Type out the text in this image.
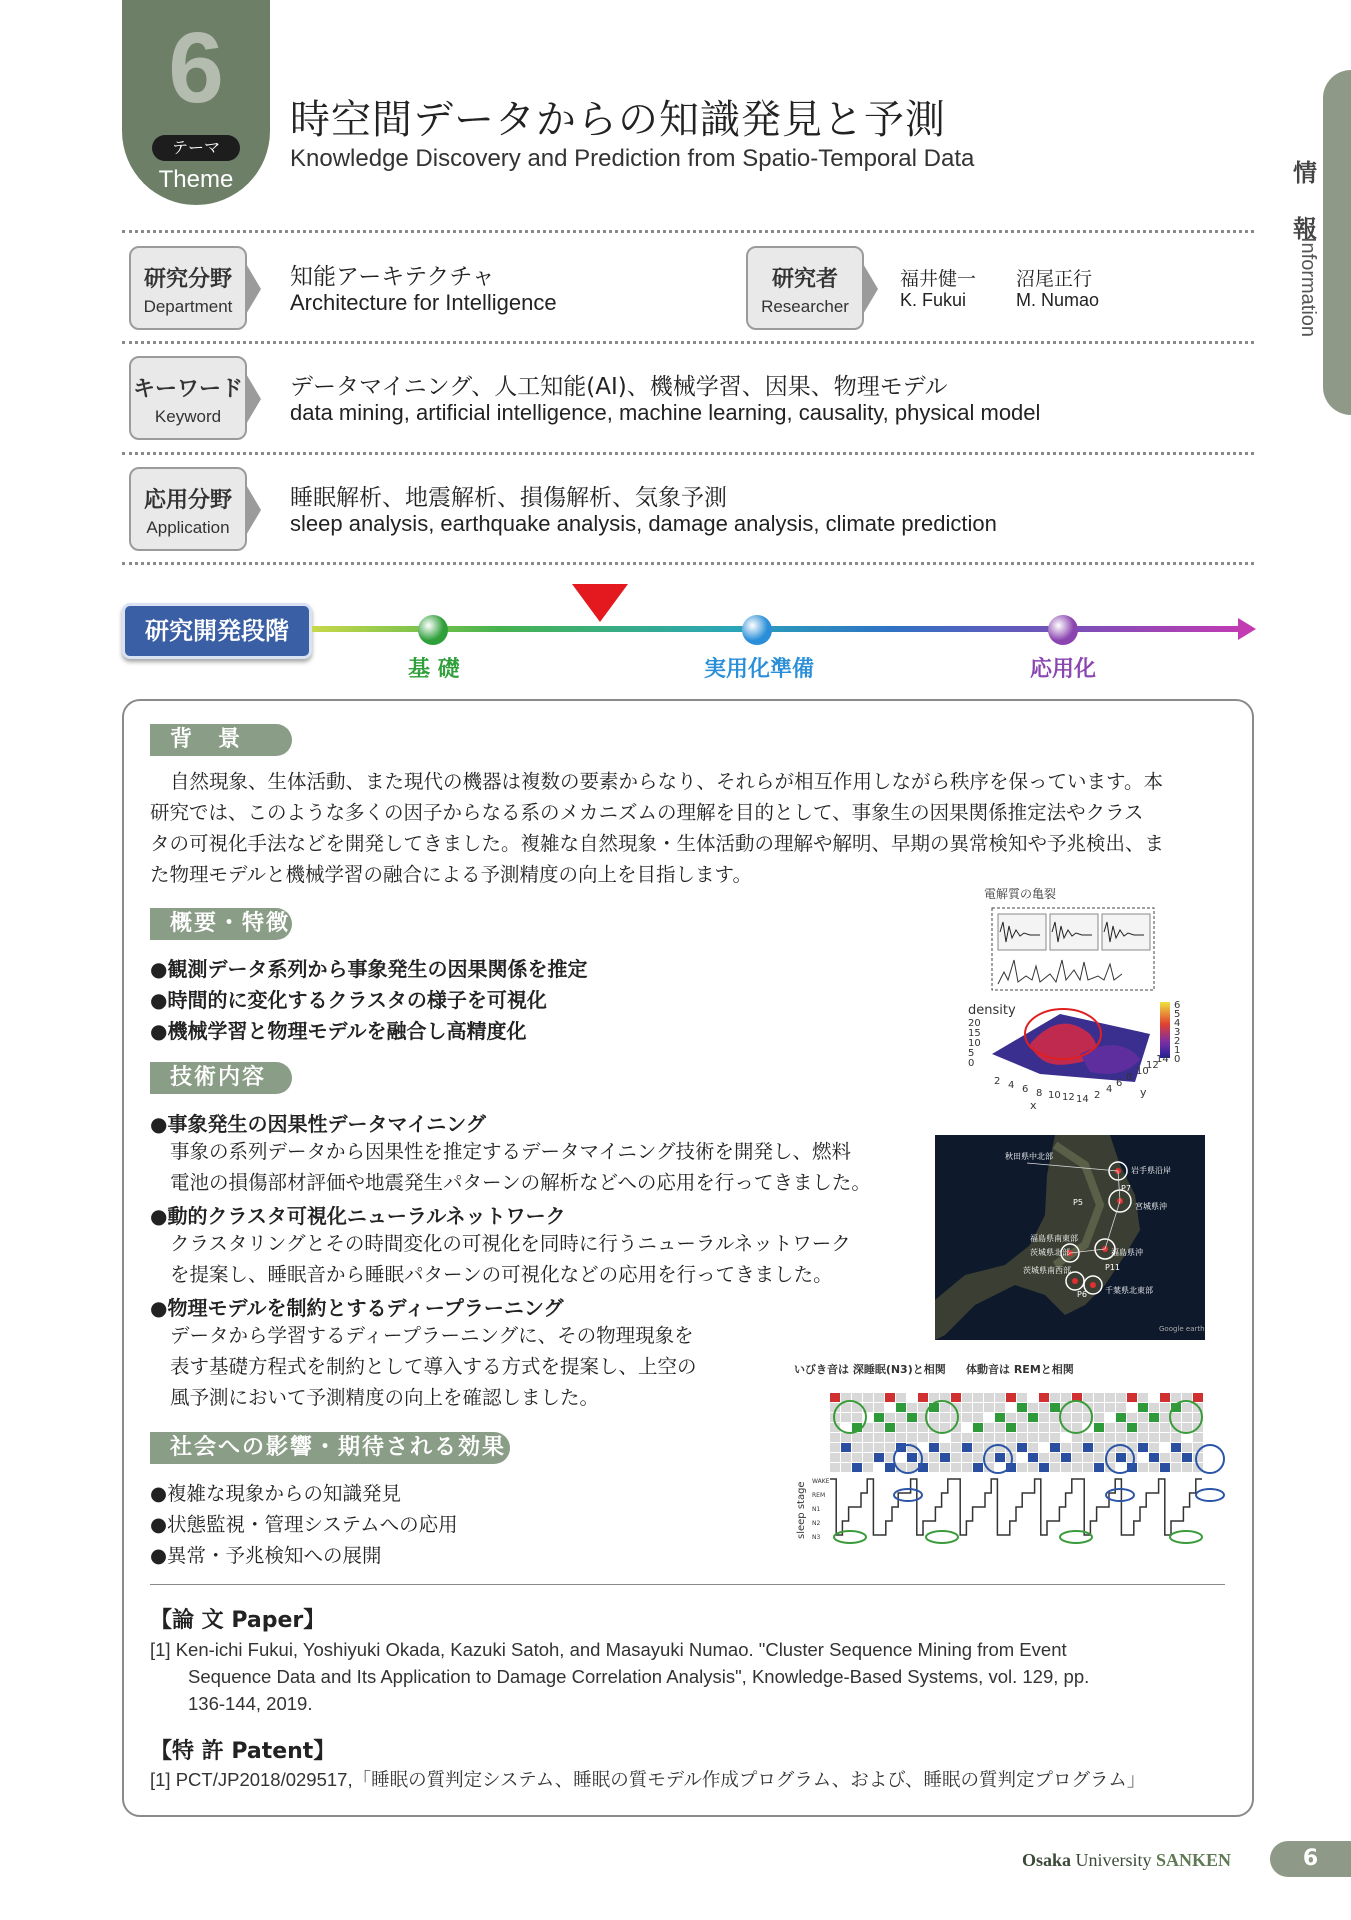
6
テーマ
Theme
時空間データからの知識発見と予測
Knowledge Discovery and Prediction from Spatio-Temporal Data
情
報
Information
研究分野
Department
知能アーキテクチャ
Architecture for Intelligence
研究者
Researcher
福井健一
K. Fukui
沼尾正行
M. Numao
キーワード
Keyword
データマイニング、人工知能(AI)、機械学習、因果、物理モデル
data mining, artificial intelligence, machine learning, causality, physical model
応用分野
Application
睡眠解析、地震解析、損傷解析、気象予測
sleep analysis, earthquake analysis, damage analysis, climate prediction
研究開発段階
基 礎	実用化準備	応用化
背　景
自然現象、生体活動、また現代の機器は複数の要素からなり、それらが相互作用しながら秩序を保っています。本
研究では、このような多くの因子からなる系のメカニズムの理解を目的として、事象生の因果関係推定法やクラス
タの可視化手法などを開発してきました。複雑な自然現象・生体活動の理解や解明、早期の異常検知や予兆検出、ま
た物理モデルと機械学習の融合による予測精度の向上を目指します。
概要・特徴
●観測データ系列から事象発生の因果関係を推定
●時間的に変化するクラスタの様子を可視化
●機械学習と物理モデルを融合し高精度化
技術内容
●事象発生の因果性データマイニング
事象の系列データから因果性を推定するデータマイニング技術を開発し、燃料
電池の損傷部材評価や地震発生パターンの解析などへの応用を行ってきました。
●動的クラスタ可視化ニューラルネットワーク
クラスタリングとその時間変化の可視化を同時に行うニューラルネットワーク
を提案し、睡眠音から睡眠パターンの可視化などの応用を行ってきました。
●物理モデルを制約とするディープラーニング
データから学習するディープラーニングに、その物理現象を
表す基礎方程式を制約として導入する方式を提案し、上空の
風予測において予測精度の向上を確認しました。
社会への影響・期待される効果
●複雑な現象からの知識発見
●状態監視・管理システムへの応用
●異常・予兆検知への展開
電解質の亀裂
density
20
15
10
5
0
6
5
4
3
2
1
0
2 4 6 8 10 12 14
x
2
4
6
8
10
12
14
y
秋田県中北部
岩手県沿岸
P7
宮城県沖
P5
福島県南東部
茨城県北部	福島県沖
茨城県南西部	P11
千葉県北東部
P6
Google earth
いびき音は 深睡眠(N3)と相関 体動音は REMと相関
sleep stage WAKE
REM
N1
N2
N3
【論 文 Paper】
[1] Ken-ichi Fukui, Yoshiyuki Okada, Kazuki Satoh, and Masayuki Numao. "Cluster Sequence Mining from Event
Sequence Data and Its Application to Damage Correlation Analysis", Knowledge-Based Systems, vol. 129, pp.
136-144, 2019.
【特 許 Patent】
[1] PCT/JP2018/029517,「睡眠の質判定システム、睡眠の質モデル作成プログラム、および、睡眠の質判定プログラム」
Osaka University SANKEN	6
